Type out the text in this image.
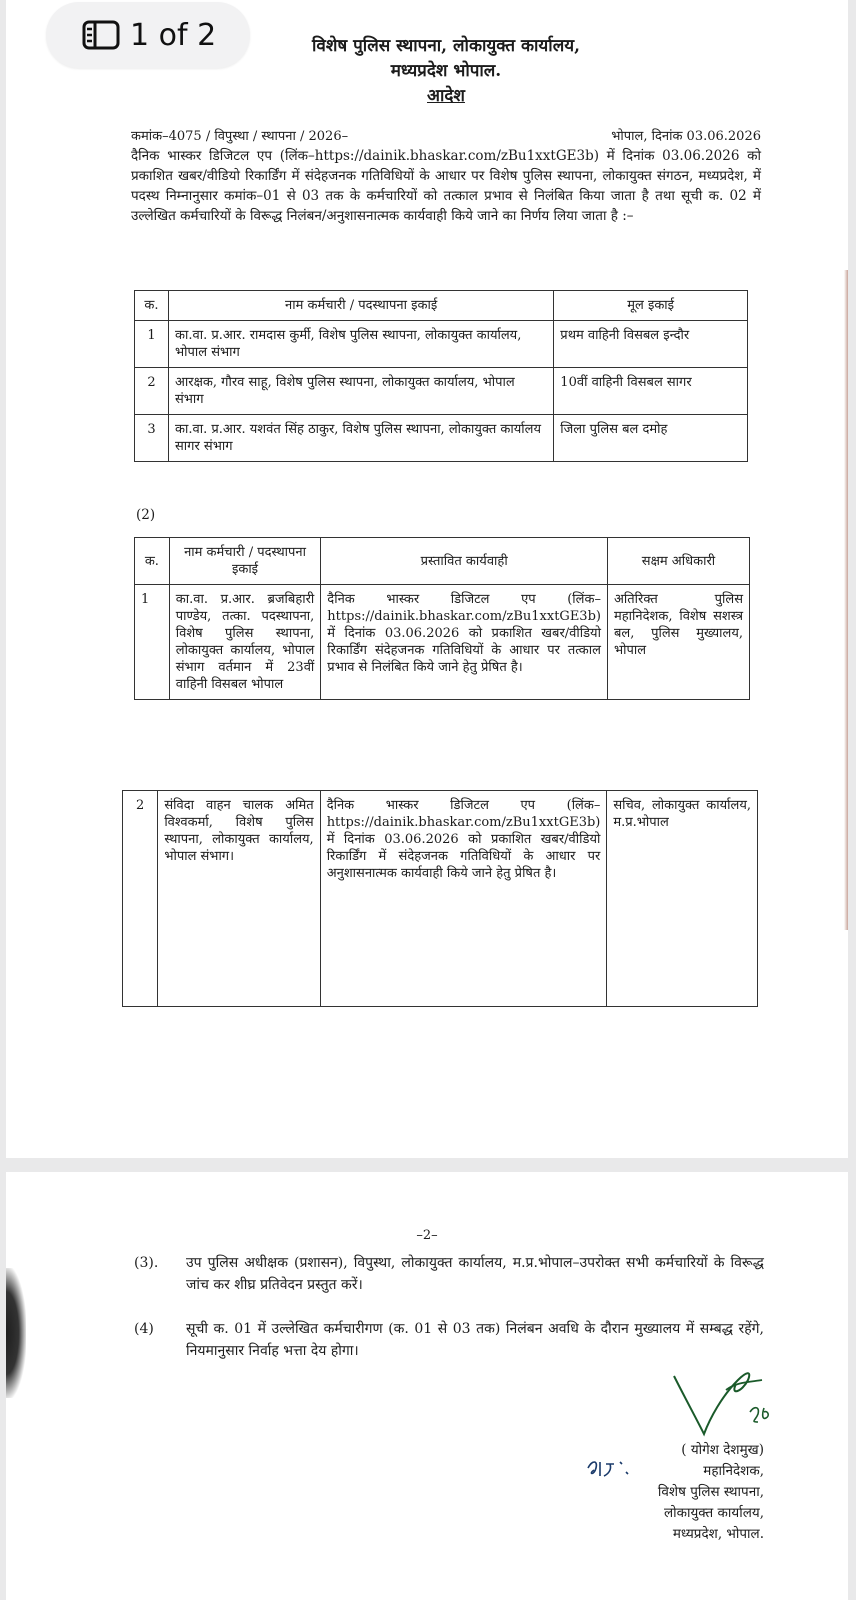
1 of 2	विशेष पुलिस स्थापना, लोकायुक्त कार्यालय,
मध्यप्रदेश भोपाल.
आदेश
कमांक–4075 / विपुस्था / स्थापना / 2026–	भोपाल, दिनांक 03.06.2026
दैनिक भास्कर डिजिटल एप (लिंक–https://dainik.bhaskar.com/zBu1xxtGE3b) में दिनांक 03.06.2026 को प्रकाशित खबर/वीडियो रिकार्डिंग में संदेहजनक गतिविधियों के आधार पर विशेष पुलिस स्थापना, लोकायुक्त संगठन, मध्यप्रदेश, में पदस्थ निम्नानुसार कमांक–01 से 03 तक के कर्मचारियों को तत्काल प्रभाव से निलंबित किया जाता है तथा सूची क. 02 में उल्लेखित कर्मचारियों के विरूद्ध निलंबन/अनुशासनात्मक कार्यवाही किये जाने का निर्णय लिया जाता है :–
क.	नाम कर्मचारी / पदस्थापना इकाई	मूल इकाई
1	का.वा. प्र.आर. रामदास कुर्मी, विशेष पुलिस स्थापना, लोकायुक्त कार्यालय, भोपाल संभाग	प्रथम वाहिनी विसबल इन्दौर
2	आरक्षक, गौरव साहू, विशेष पुलिस स्थापना, लोकायुक्त कार्यालय, भोपाल संभाग	10वीं वाहिनी विसबल सागर
3	का.वा. प्र.आर. यशवंत सिंह ठाकुर, विशेष पुलिस स्थापना, लोकायुक्त कार्यालय सागर संभाग	जिला पुलिस बल दमोह
(2)
क.	नाम कर्मचारी / पदस्थापना इकाई	प्रस्तावित कार्यवाही	सक्षम अधिकारी
1	का.वा. प्र.आर. ब्रजबिहारी पाण्डेय, तत्का. पदस्थापना, विशेष पुलिस स्थापना, लोकायुक्त कार्यालय, भोपाल संभाग वर्तमान में 23वीं वाहिनी विसबल भोपाल	दैनिक भास्कर डिजिटल एप (लिंक–https://dainik.bhaskar.com/zBu1xxtGE3b) में दिनांक 03.06.2026 को प्रकाशित खबर/वीडियो रिकार्डिंग संदेहजनक गतिविधियों के आधार पर तत्काल प्रभाव से निलंबित किये जाने हेतु प्रेषित है।	अतिरिक्त पुलिस महानिदेशक, विशेष सशस्त्र बल, पुलिस मुख्यालय, भोपाल
2	संविदा वाहन चालक अमित विश्वकर्मा, विशेष पुलिस स्थापना, लोकायुक्त कार्यालय, भोपाल संभाग।	दैनिक भास्कर डिजिटल एप (लिंक–https://dainik.bhaskar.com/zBu1xxtGE3b) में दिनांक 03.06.2026 को प्रकाशित खबर/वीडियो रिकार्डिंग में संदेहजनक गतिविधियों के आधार पर अनुशासनात्मक कार्यवाही किये जाने हेतु प्रेषित है।	सचिव, लोकायुक्त कार्यालय, म.प्र.भोपाल
–2–
(3). उप पुलिस अधीक्षक (प्रशासन), विपुस्था, लोकायुक्त कार्यालय, म.प्र.भोपाल–उपरोक्त सभी कर्मचारियों के विरूद्ध जांच कर शीघ्र प्रतिवेदन प्रस्तुत करें।
(4) सूची क. 01 में उल्लेखित कर्मचारीगण (क. 01 से 03 तक) निलंबन अवधि के दौरान मुख्यालय में सम्बद्ध रहेंगे, नियमानुसार निर्वाह भत्ता देय होगा।
( योगेश देशमुख)
महानिदेशक,
विशेष पुलिस स्थापना,
लोकायुक्त कार्यालय,
मध्यप्रदेश, भोपाल.
